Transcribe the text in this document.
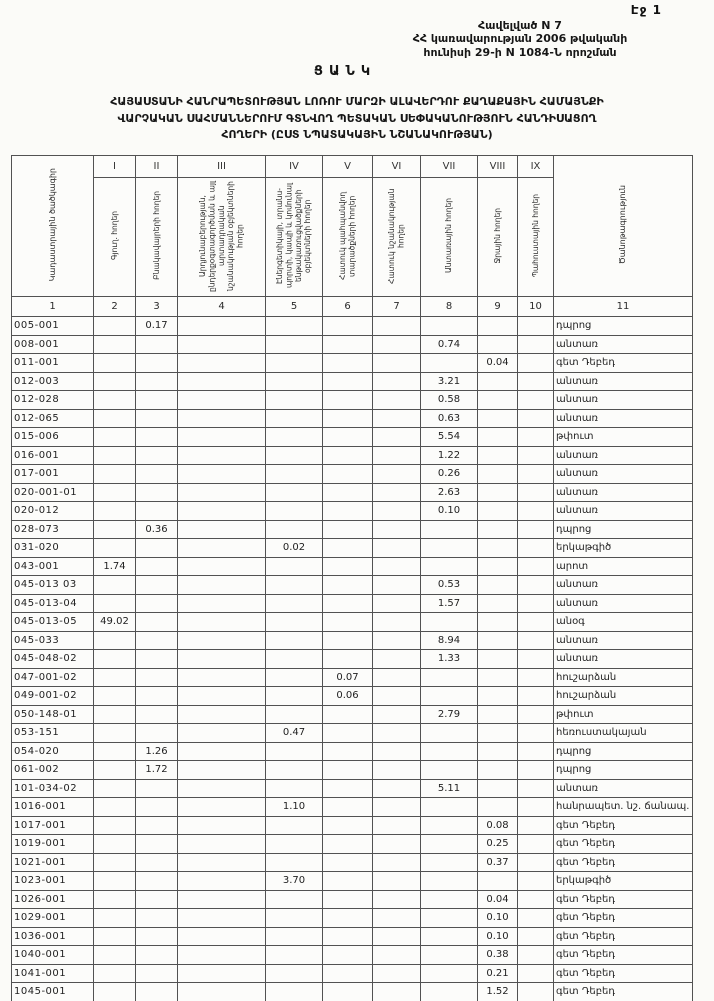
Էջ 1
Հավելված N 7
ՀՀ կառավարության 2006 թվականի
հունիսի 29-ի N 1084-Ն որոշման
ՑԱՆԿ
ՀԱՅԱՍՏԱՆԻ ՀԱՆՐԱՊԵՏՈՒԹՅԱՆ ԼՈՌՈՒ ՄԱՐԶԻ ԱԼԱՎԵՐԴՈՒ ՔԱՂԱՔԱՅԻՆ ՀԱՄԱՅՆՔԻ
ՎԱՐՉԱԿԱՆ ՍԱՀՄԱՆՆԵՐՈՒՄ ԳՏՆՎՈՂ ՊԵՏԱԿԱՆ ՍԵՓԱԿԱՆՈՒԹՅՈՒՆ ՀԱՆԴԻՍԱՑՈՂ
ՀՈՂԵՐԻ (ԸՍՏ ՆՊԱՏԱԿԱՅԻՆ ՆՇԱՆԱԿՈՒԹՅԱՆ)
Կադաստրային ծածկագիր	I	II	III	IV	V	VI	VII	VIII	IX	Ծանոթագրություն
	Գյուղ. հողեր	Բնակավայրերի հողեր	Արդյունաբերության, ընդերքօգտագործման և այլ արտադրական նշանակության օբյեկտների հողեր	Էներգետիկայի, տրանս- պորտի, կապի և կոմունալ ենթակառուցվածքների օբյեկտների հողեր	Հատուկ պահպանվող տարածքների հողեր	Հատուկ նշանակության հողեր	Անտառային հողեր	Ջրային հողեր	Պահուստային հողեր	
1	2	3	4	5	6	7	8	9	10	11
005-001		0.17								դպրոց
008-001							0.74			անտառ
011-001								0.04		գետ Դեբեդ
012-003							3.21			անտառ
012-028							0.58			անտառ
012-065							0.63			անտառ
015-006							5.54			թփուտ
016-001							1.22			անտառ
017-001							0.26			անտառ
020-001-01							2.63			անտառ
020-012							0.10			անտառ
028-073		0.36								դպրոց
031-020				0.02						երկաթգիծ
043-001	1.74									արոտ
045-013 03							0.53			անտառ
045-013-04							1.57			անտառ
045-013-05	49.02									անօգ
045-033							8.94			անտառ
045-048-02							1.33			անտառ
047-001-02					0.07					հուշարձան
049-001-02					0.06					հուշարձան
050-148-01							2.79			թփուտ
053-151				0.47						հեռուստակայան
054-020		1.26								դպրոց
061-002		1.72								դպրոց
101-034-02							5.11			անտառ
1016-001				1.10						հանրապետ. նշ. ճանապ.
1017-001								0.08		գետ Դեբեդ
1019-001								0.25		գետ Դեբեդ
1021-001								0.37		գետ Դեբեդ
1023-001				3.70						երկաթգիծ
1026-001								0.04		գետ Դեբեդ
1029-001								0.10		գետ Դեբեդ
1036-001								0.10		գետ Դեբեդ
1040-001								0.38		գետ Դեբեդ
1041-001								0.21		գետ Դեբեդ
1045-001								1.52		գետ Դեբեդ
